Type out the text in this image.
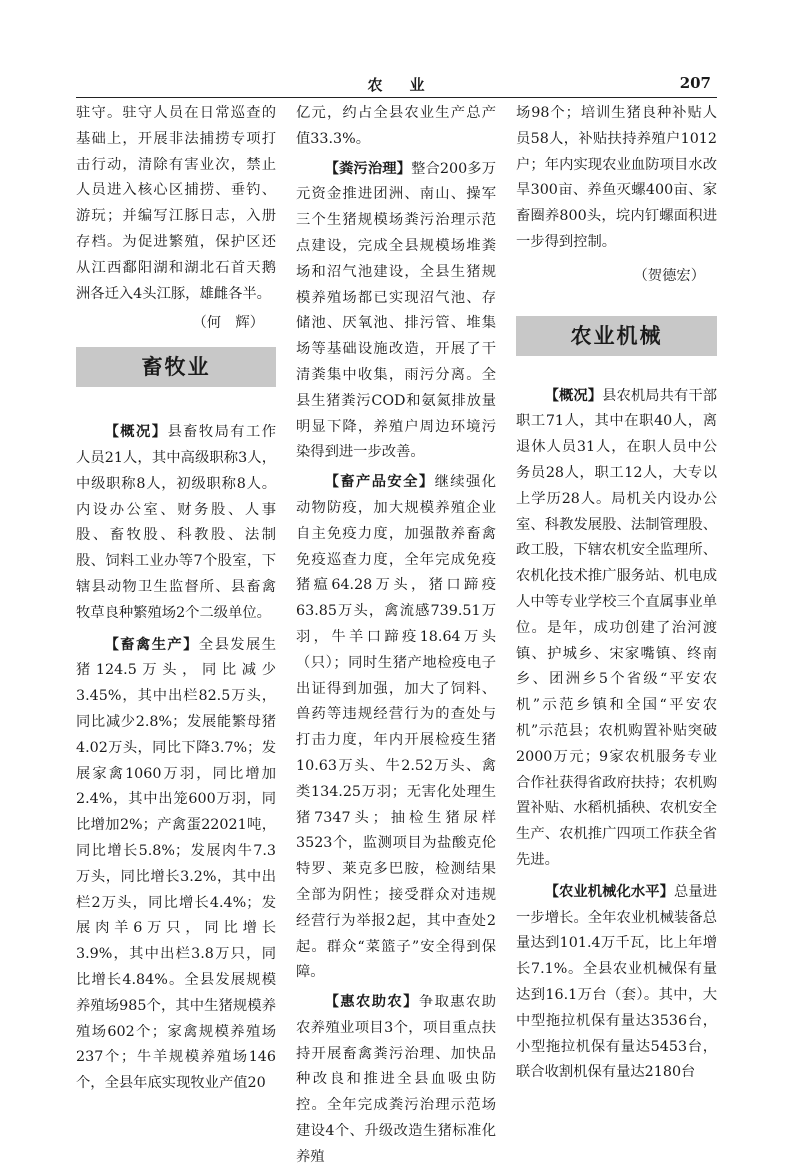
农 业	207

驻守。驻守人员在日常巡查的基础上，开展非法捕捞专项打击行动，清除有害业次，禁止人员进入核心区捕捞、垂钓、游玩；并编写江豚日志，入册存档。为促进繁殖，保护区还从江西鄱阳湖和湖北石首天鹅洲各迁入4头江豚，雄雌各半。

（何　辉）

畜牧业

【概况】县畜牧局有工作人员21人，其中高级职称3人，中级职称8人，初级职称8人。内设办公室、财务股、人事股、畜牧股、科教股、法制股、饲料工业办等7个股室，下辖县动物卫生监督所、县畜禽牧草良种繁殖场2个二级单位。

【畜禽生产】全县发展生猪124.5万头，同比减少3.45%，其中出栏82.5万头，同比减少2.8%；发展能繁母猪4.02万头，同比下降3.7%；发展家禽1060万羽，同比增加2.4%，其中出笼600万羽，同比增加2%；产禽蛋22021吨，同比增长5.8%；发展肉牛7.3万头，同比增长3.2%，其中出栏2万头，同比增长4.4%；发展肉羊6万只，同比增长3.9%，其中出栏3.8万只，同比增长4.84%。全县发展规模养殖场985个，其中生猪规模养殖场602个；家禽规模养殖场237个；牛羊规模养殖场146个，全县年底实现牧业产值20

亿元，约占全县农业生产总产值33.3%。

【粪污治理】整合200多万元资金推进团洲、南山、操军三个生猪规模场粪污治理示范点建设，完成全县规模场堆粪场和沼气池建设，全县生猪规模养殖场都已实现沼气池、存储池、厌氧池、排污管、堆集场等基础设施改造，开展了干清粪集中收集，雨污分离。全县生猪粪污COD和氨氮排放量明显下降，养殖户周边环境污染得到进一步改善。

【畜产品安全】继续强化动物防疫，加大规模养殖企业自主免疫力度，加强散养畜禽免疫巡查力度，全年完成免疫猪瘟64.28万头，猪口蹄疫63.85万头，禽流感739.51万羽，牛羊口蹄疫18.64万头（只）；同时生猪产地检疫电子出证得到加强，加大了饲料、兽药等违规经营行为的查处与打击力度，年内开展检疫生猪10.63万头、牛2.52万头、禽类134.25万羽；无害化处理生猪7347头；抽检生猪尿样3523个，监测项目为盐酸克伦特罗、莱克多巴胺，检测结果全部为阴性；接受群众对违规经营行为举报2起，其中查处2起。群众“菜篮子”安全得到保障。

【惠农助农】争取惠农助农养殖业项目3个，项目重点扶持开展畜禽粪污治理、加快品种改良和推进全县血吸虫防控。全年完成粪污治理示范场建设4个、升级改造生猪标准化养殖

场98个；培训生猪良种补贴人员58人，补贴扶持养殖户1012户；年内实现农业血防项目水改旱300亩、养鱼灭螺400亩、家畜圈养800头，垸内钉螺面积进一步得到控制。

（贺德宏）

农业机械

【概况】县农机局共有干部职工71人，其中在职40人，离退休人员31人，在职人员中公务员28人，职工12人，大专以上学历28人。局机关内设办公室、科教发展股、法制管理股、政工股，下辖农机安全监理所、农机化技术推广服务站、机电成人中等专业学校三个直属事业单位。是年，成功创建了治河渡镇、护城乡、宋家嘴镇、终南乡、团洲乡5个省级“平安农机”示范乡镇和全国“平安农机”示范县；农机购置补贴突破2000万元；9家农机服务专业合作社获得省政府扶持；农机购置补贴、水稻机插秧、农机安全生产、农机推广四项工作获全省先进。

【农业机械化水平】总量进一步增长。全年农业机械装备总量达到101.4万千瓦，比上年增长7.1%。全县农业机械保有量达到16.1万台（套）。其中，大中型拖拉机保有量达3536台，小型拖拉机保有量达5453台，联合收割机保有量达2180台
